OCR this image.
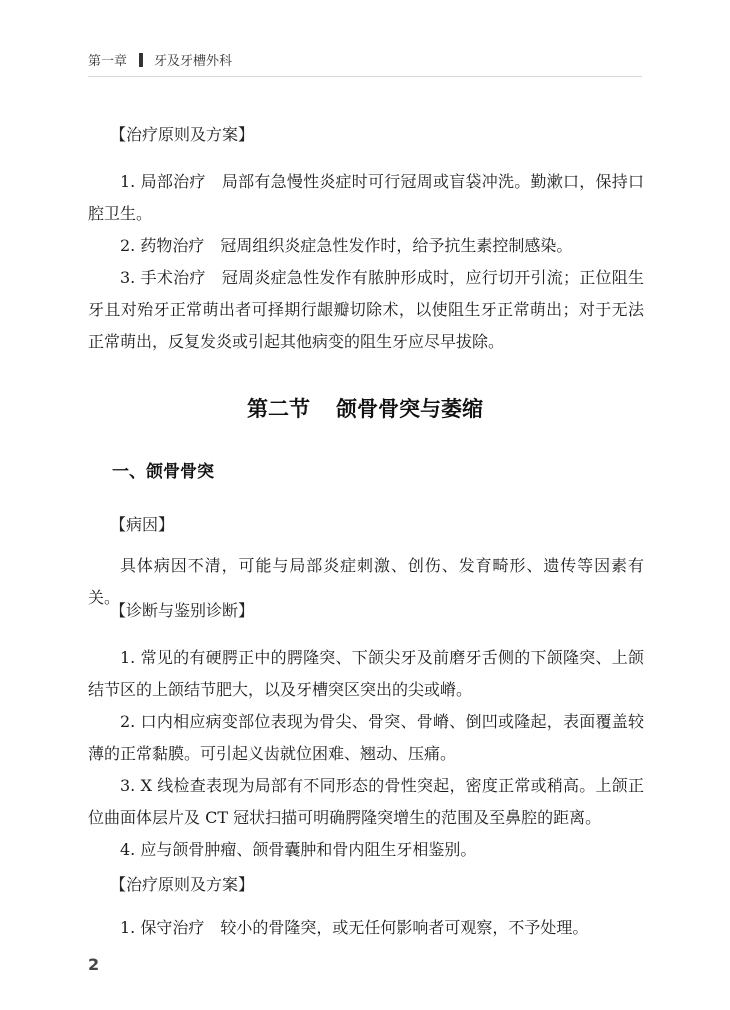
第一章 牙及牙槽外科
【治疗原则及方案】

1. 局部治疗 局部有急慢性炎症时可行冠周或盲袋冲洗。勤漱口，保持口腔卫生。

2. 药物治疗 冠周组织炎症急性发作时，给予抗生素控制感染。

3. 手术治疗 冠周炎症急性发作有脓肿形成时，应行切开引流；正位阻生牙且对殆牙正常萌出者可择期行龈瓣切除术，以使阻生牙正常萌出；对于无法正常萌出，反复发炎或引起其他病变的阻生牙应尽早拔除。

第二节 颌骨骨突与萎缩
一、颌骨骨突
【病因】

具体病因不清，可能与局部炎症刺激、创伤、发育畸形、遗传等因素有关。

【诊断与鉴别诊断】

1. 常见的有硬腭正中的腭隆突、下颌尖牙及前磨牙舌侧的下颌隆突、上颌结节区的上颌结节肥大，以及牙槽突区突出的尖或嵴。

2. 口内相应病变部位表现为骨尖、骨突、骨嵴、倒凹或隆起，表面覆盖较薄的正常黏膜。可引起义齿就位困难、翘动、压痛。

3. X 线检查表现为局部有不同形态的骨性突起，密度正常或稍高。上颌正位曲面体层片及 CT 冠状扫描可明确腭隆突增生的范围及至鼻腔的距离。

4. 应与颌骨肿瘤、颌骨囊肿和骨内阻生牙相鉴别。

【治疗原则及方案】

1. 保守治疗 较小的骨隆突，或无任何影响者可观察，不予处理。

2
